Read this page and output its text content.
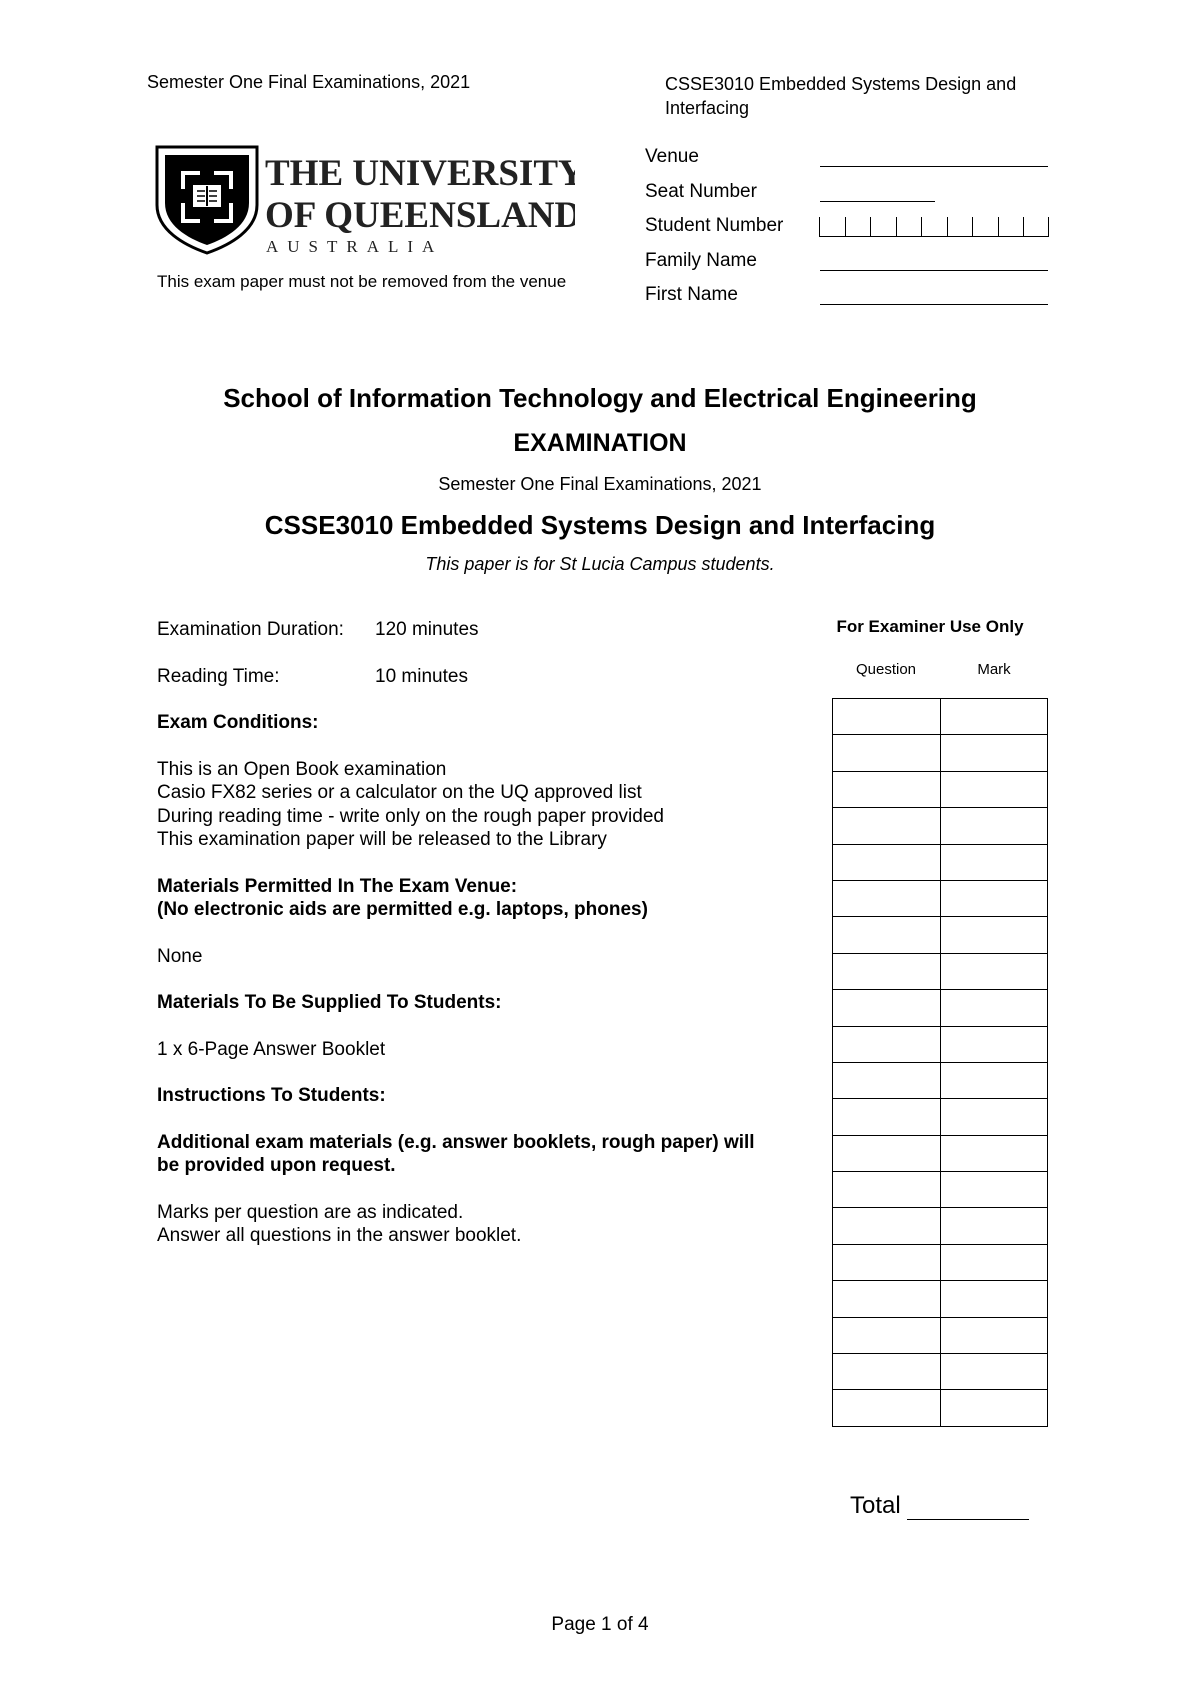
Semester One Final Examinations, 2021	CSSE3010 Embedded Systems Design and Interfacing
THE UNIVERSITY
OF QUEENSLAND
AUSTRALIA
This exam paper must not be removed from the venue
Venue
Seat Number
Student Number
Family Name
First Name
School of Information Technology and Electrical Engineering
EXAMINATION
Semester One Final Examinations, 2021
CSSE3010 Embedded Systems Design and Interfacing
This paper is for St Lucia Campus students.
Examination Duration: 120 minutes
Reading Time:	10 minutes
Exam Conditions:
This is an Open Book examination
Casio FX82 series or a calculator on the UQ approved list
During reading time - write only on the rough paper provided
This examination paper will be released to the Library
Materials Permitted In The Exam Venue:
(No electronic aids are permitted e.g. laptops, phones)
None
Materials To Be Supplied To Students:
1 x 6-Page Answer Booklet
Instructions To Students:
Additional exam materials (e.g. answer booklets, rough paper) will
be provided upon request.
Marks per question are as indicated.
Answer all questions in the answer booklet.
For Examiner Use Only
Question	Mark

Total
Page 1 of 4
